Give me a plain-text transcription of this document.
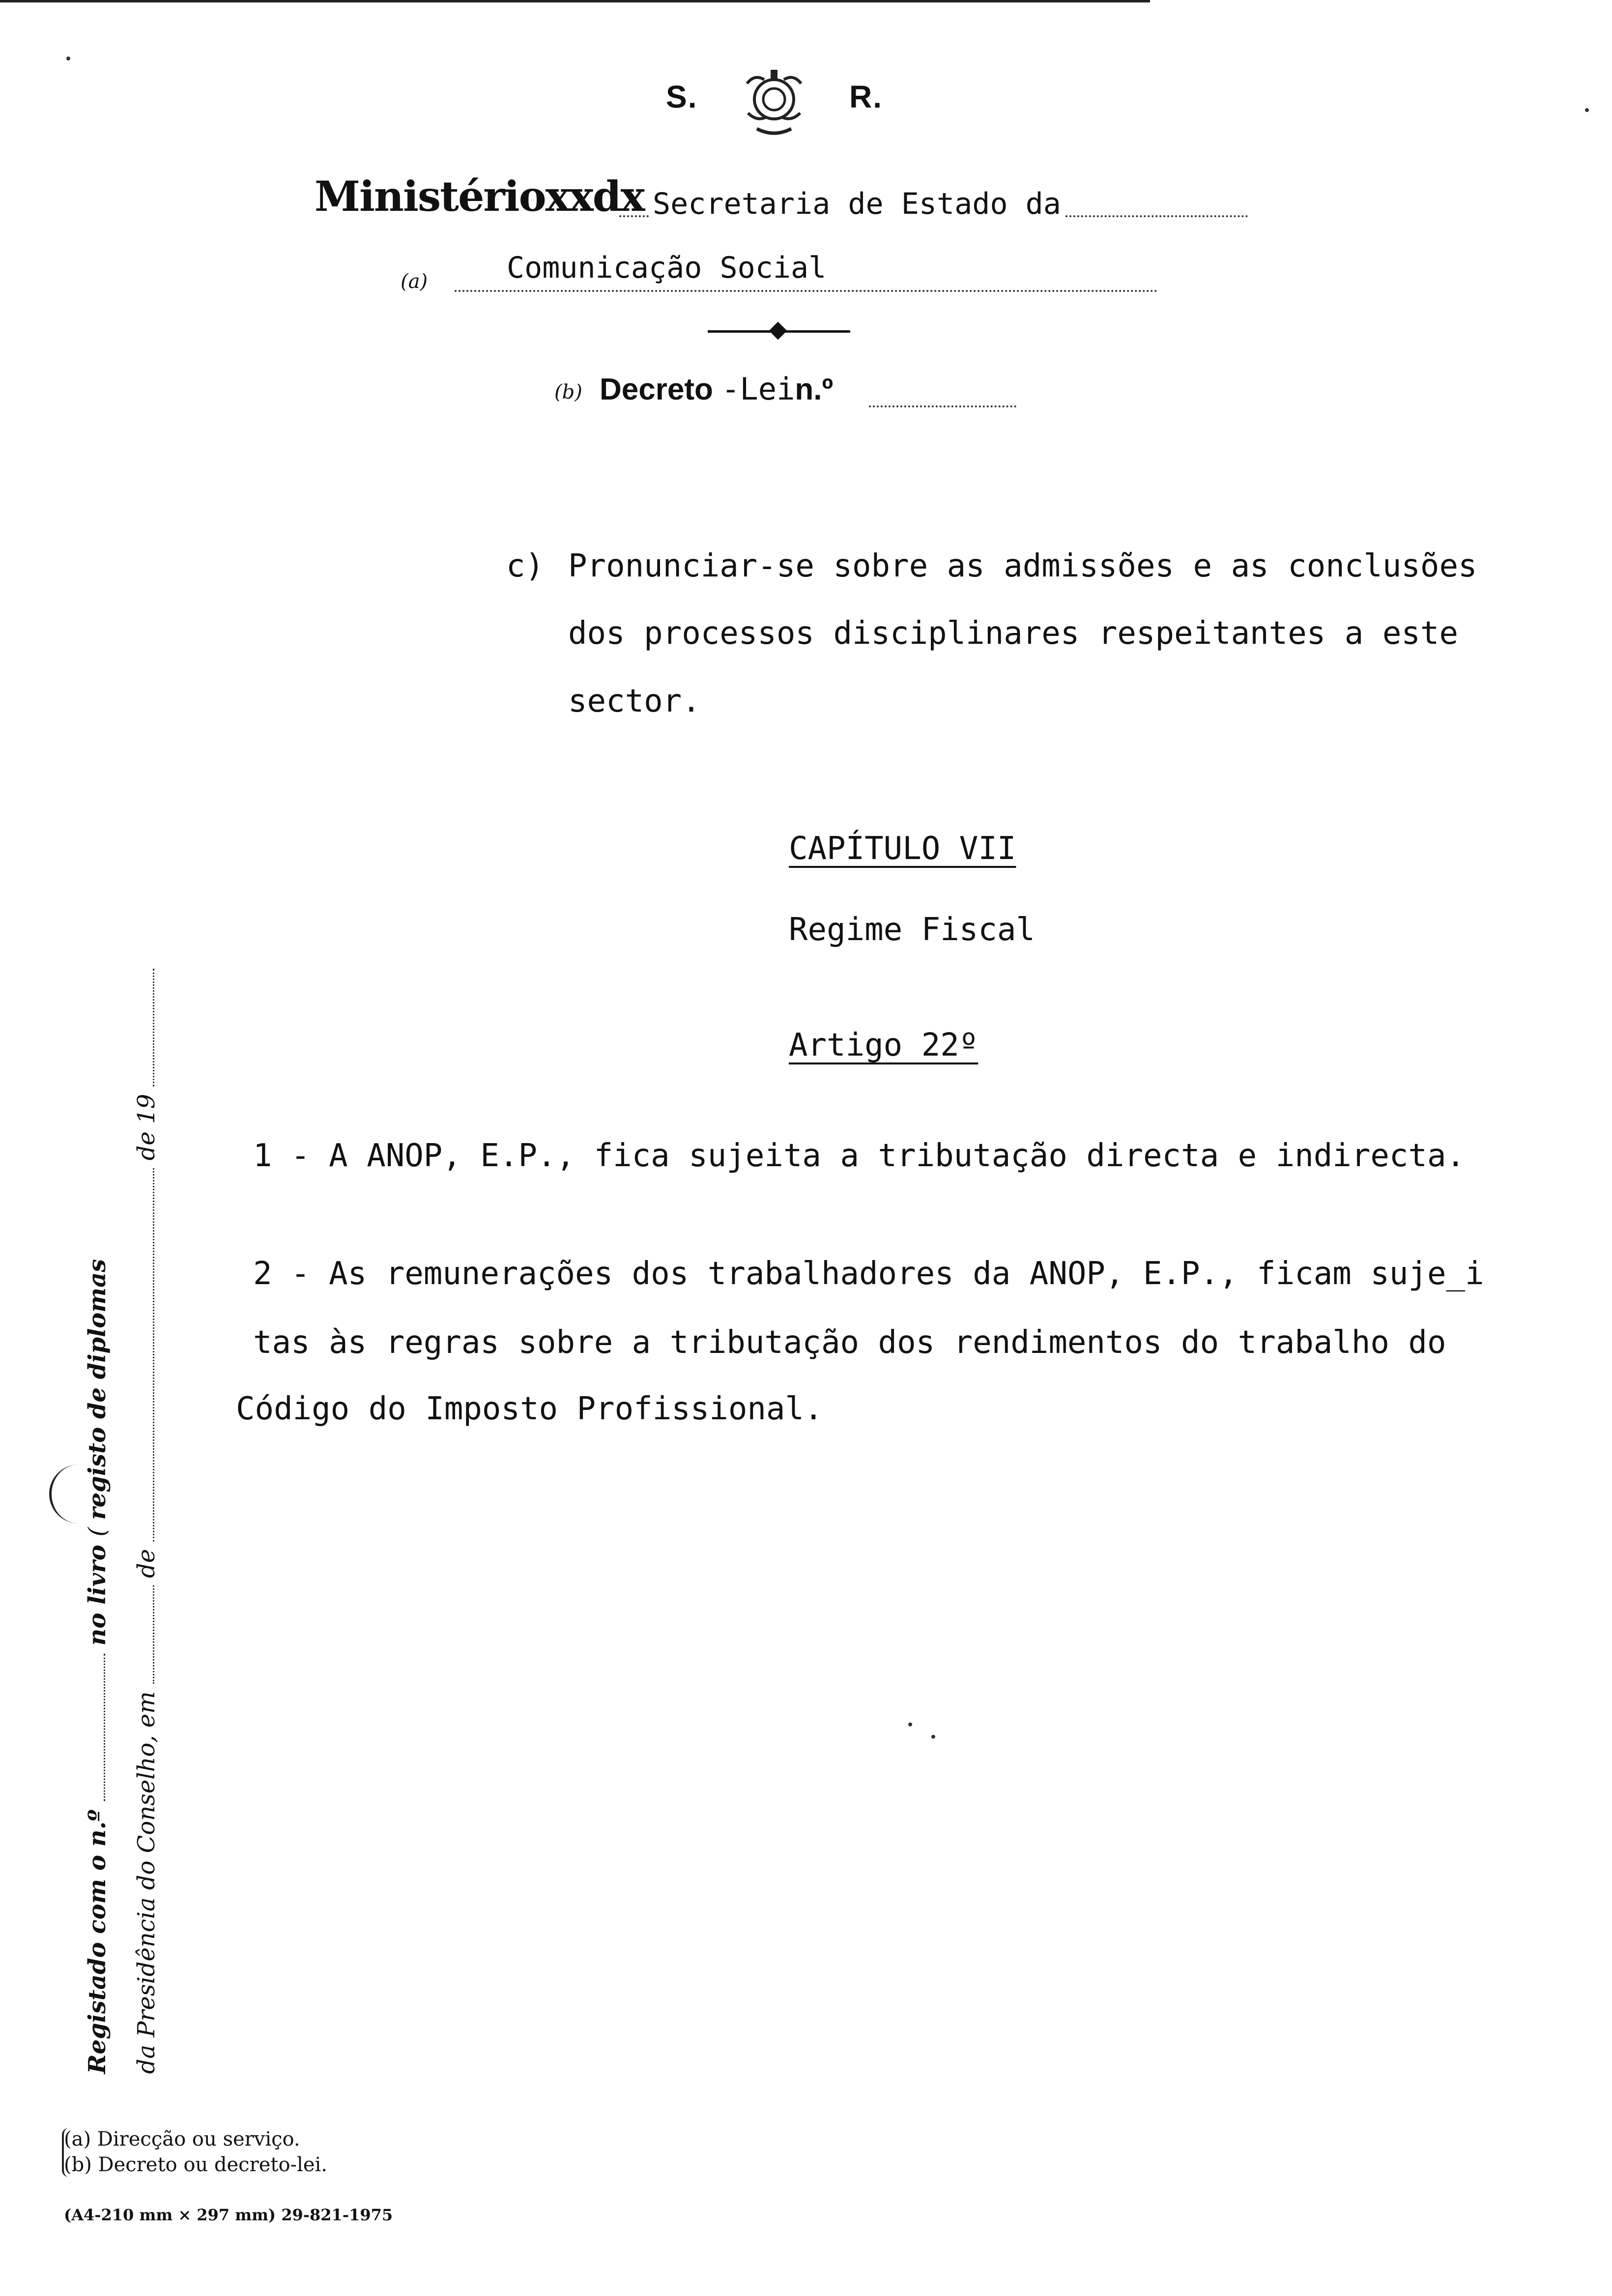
S.	R.
Ministérioxxdx Secretaria de Estado da
(a)	Comunicação Social
(b) Decreto -Lein.º
Registado com o n.º  no livro ( registo de diplomas
da Presidência do Conselho, em  de  de 19
c) Pronunciar-se sobre as admissões e as conclusões
dos processos disciplinares respeitantes a este
sector.
CAPÍTULO VII
Regime Fiscal
Artigo 22º
1 - A ANOP, E.P., fica sujeita a tributação directa e indirecta.
2 - As remunerações dos trabalhadores da ANOP, E.P., ficam suje_i
tas às regras sobre a tributação dos rendimentos do trabalho do
Código do Imposto Profissional.
(a) Direcção ou serviço.
(b) Decreto ou decreto-lei.
(A4-210 mm × 297 mm) 29-821-1975
